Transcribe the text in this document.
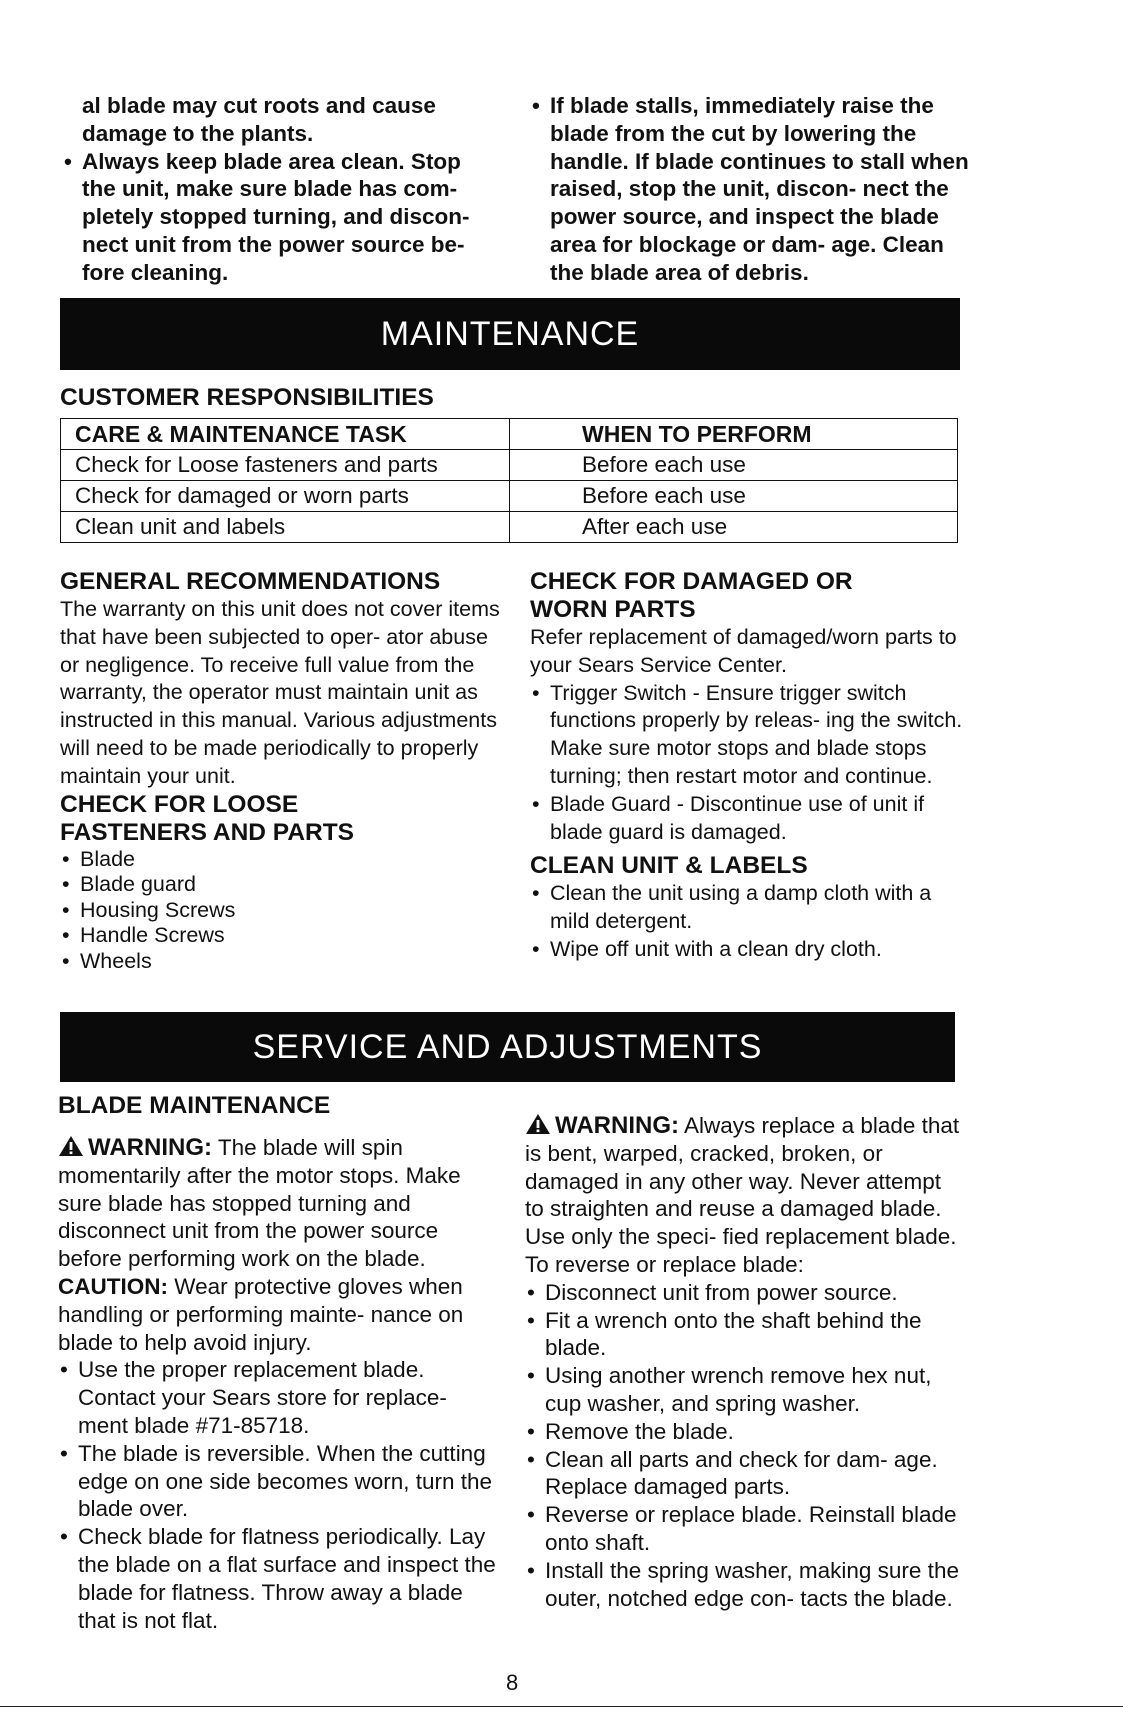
al blade may cut roots and cause damage to the plants.

• Always keep blade area clean. Stop the unit, make sure blade has com- pletely stopped turning, and discon- nect unit from the power source be- fore cleaning.
• If blade stalls, immediately raise the blade from the cut by lowering the handle. If blade continues to stall when raised, stop the unit, discon- nect the power source, and inspect the blade area for blockage or dam- age. Clean the blade area of debris.
MAINTENANCE
CUSTOMER RESPONSIBILITIES
CARE & MAINTENANCE TASK	WHEN TO PERFORM
Check for Loose fasteners and parts	Before each use
Check for damaged or worn parts	Before each use
Clean unit and labels	After each use
GENERAL RECOMMENDATIONS

The warranty on this unit does not cover items that have been subjected to oper- ator abuse or negligence. To receive full value from the warranty, the operator must maintain unit as instructed in this manual. Various adjustments will need to be made periodically to properly maintain your unit.

CHECK FOR LOOSE
FASTENERS AND PARTS
• Blade
• Blade guard
• Housing Screws
• Handle Screws
• Wheels
CHECK FOR DAMAGED OR
WORN PARTS

Refer replacement of damaged/worn parts to your Sears Service Center.

• Trigger Switch - Ensure trigger switch functions properly by releas- ing the switch. Make sure motor stops and blade stops turning; then restart motor and continue.
• Blade Guard - Discontinue use of unit if blade guard is damaged.
CLEAN UNIT & LABELS
• Clean the unit using a damp cloth with a mild detergent.
• Wipe off unit with a clean dry cloth.
SERVICE AND ADJUSTMENTS
BLADE MAINTENANCE

WARNING: The blade will spin momentarily after the motor stops. Make sure blade has stopped turning and disconnect unit from the power source before performing work on the blade.

CAUTION: Wear protective gloves when handling or performing mainte- nance on blade to help avoid injury.

• Use the proper replacement blade. Contact your Sears store for replace- ment blade #71-85718.
• The blade is reversible. When the cutting edge on one side becomes worn, turn the blade over.
• Check blade for flatness periodically. Lay the blade on a flat surface and inspect the blade for flatness. Throw away a blade that is not flat.

WARNING: Always replace a blade that is bent, warped, cracked, broken, or damaged in any other way. Never attempt to straighten and reuse a damaged blade. Use only the speci- fied replacement blade.

To reverse or replace blade:

• Disconnect unit from power source.
• Fit a wrench onto the shaft behind the blade.
• Using another wrench remove hex nut, cup washer, and spring washer.
• Remove the blade.
• Clean all parts and check for dam- age. Replace damaged parts.
• Reverse or replace blade. Reinstall blade onto shaft.
• Install the spring washer, making sure the outer, notched edge con- tacts the blade.
8
